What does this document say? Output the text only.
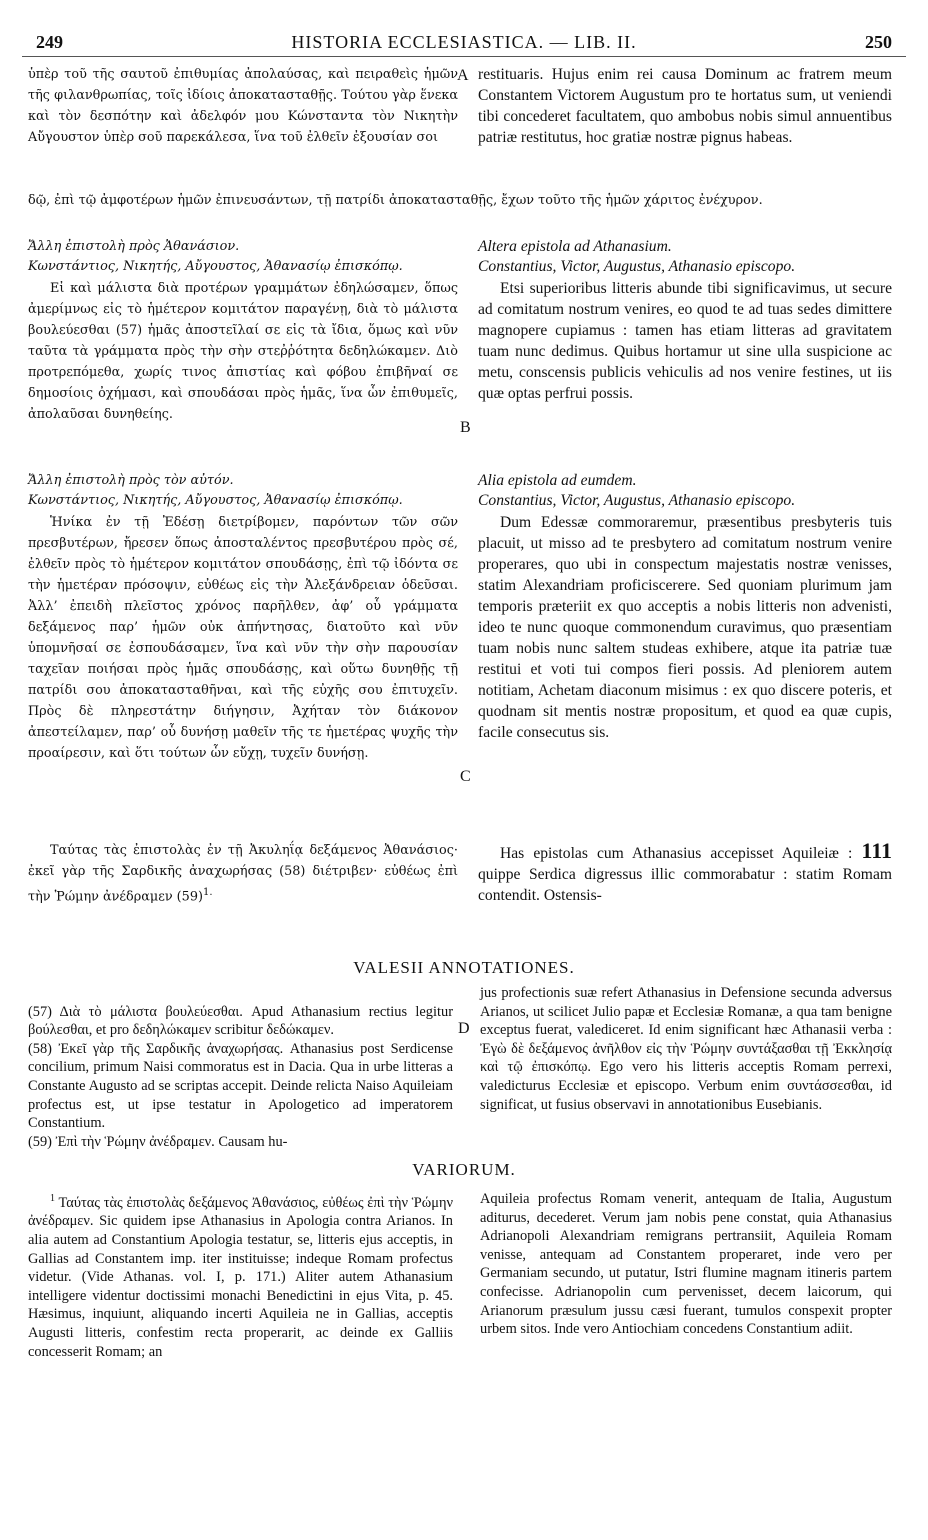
249	HISTORIA ECCLESIASTICA. — LIB. II.	250

ὑπὲρ τοῦ τῆς σαυτοῦ ἐπιθυμίας ἀπολαύσας, καὶ πειραθεὶς ἡμῶν τῆς φιλανθρωπίας, τοῖς ἰδίοις ἀποκατασταθῇς. Τούτου γὰρ ἕνεκα καὶ τὸν δεσπότην καὶ ἀδελφόν μου Κώνσταντα τὸν Νικητὴν Αὔγουστον ὑπὲρ σοῦ παρεκάλεσα, ἵνα τοῦ ἐλθεῖν ἐξουσίαν σοι

δῷ, ἐπὶ τῷ ἀμφοτέρων ἡμῶν ἐπινευσάντων, τῇ πατρίδι ἀποκατασταθῇς, ἔχων τοῦτο τῆς ἡμῶν χάριτος ἐνέχυρον.

Ἄλλη ἐπιστολὴ πρὸς Ἀθανάσιον.

Κωνστάντιος, Νικητής, Αὔγουστος, Ἀθανασίῳ ἐπισκόπῳ.

Εἰ καὶ μάλιστα διὰ προτέρων γραμμάτων ἐδηλώσαμεν, ὅπως ἀμερίμνως εἰς τὸ ἡμέτερον κομιτάτον παραγένῃ, διὰ τὸ μάλιστα βουλεύεσθαι (57) ἡμᾶς ἀποστεῖλαί σε εἰς τὰ ἴδια, ὅμως καὶ νῦν ταῦτα τὰ γράμματα πρὸς τὴν σὴν στεῤῥότητα δεδηλώκαμεν. Διὸ προτρεπόμεθα, χωρίς τινος ἀπιστίας καὶ φόβου ἐπιβῆναί σε δημοσίοις ὀχήμασι, καὶ σπουδάσαι πρὸς ἡμᾶς, ἵνα ὧν ἐπιθυμεῖς, ἀπολαῦσαι δυνηθείης.

Ἄλλη ἐπιστολὴ πρὸς τὸν αὐτόν.

Κωνστάντιος, Νικητής, Αὔγουστος, Ἀθανασίῳ ἐπισκόπῳ.

Ἡνίκα ἐν τῇ Ἐδέσῃ διετρίβομεν, παρόντων τῶν σῶν πρεσβυτέρων, ἤρεσεν ὅπως ἀποσταλέντος πρεσβυτέρου πρὸς σέ, ἐλθεῖν πρὸς τὸ ἡμέτερον κομιτάτον σπουδάσῃς, ἐπὶ τῷ ἰδόντα σε τὴν ἡμετέραν πρόσοψιν, εὐθέως εἰς τὴν Ἀλεξάνδρειαν ὁδεῦσαι. Ἀλλ’ ἐπειδὴ πλεῖστος χρόνος παρῆλθεν, ἀφ’ οὗ γράμματα δεξάμενος παρ’ ἡμῶν οὐκ ἀπήντησας, διατοῦτο καὶ νῦν ὑπομνῆσαί σε ἐσπουδάσαμεν, ἵνα καὶ νῦν τὴν σὴν παρουσίαν ταχεῖαν ποιήσαι πρὸς ἡμᾶς σπουδάσῃς, καὶ οὕτω δυνηθῇς τῇ πατρίδι σου ἀποκατασταθῆναι, καὶ τῆς εὐχῆς σου ἐπιτυχεῖν. Πρὸς δὲ πληρεστάτην διήγησιν, Ἀχήταν τὸν διάκονον ἀπεστείλαμεν, παρ’ οὗ δυνήσῃ μαθεῖν τῆς τε ἡμετέρας ψυχῆς τὴν προαίρεσιν, καὶ ὅτι τούτων ὧν εὔχῃ, τυχεῖν δυνήσῃ.

Ταύτας τὰς ἐπιστολὰς ἐν τῇ Ἀκυληΐᾳ δεξάμενος Ἀθανάσιος· ἐκεῖ γὰρ τῆς Σαρδικῆς ἀναχωρήσας (58) διέτριβεν· εὐθέως ἐπὶ τὴν Ῥώμην ἀνέδραμεν (59)$^{1.}$

A
B
C
D

restituaris. Hujus enim rei causa Dominum ac fratrem meum Constantem Victorem Augustum pro te hortatus sum, ut veniendi tibi concederet facultatem, quo ambobus nobis simul annuentibus patriæ restitutus, hoc gratiæ nostræ pignus habeas.

Altera epistola ad Athanasium.

Constantius, Victor, Augustus, Athanasio episcopo.

Etsi superioribus litteris abunde tibi significavimus, ut secure ad comitatum nostrum venires, eo quod te ad tuas sedes dimittere magnopere cupiamus : tamen has etiam litteras ad gravitatem tuam nunc dedimus. Quibus hortamur ut sine ulla suspicione ac metu, conscensis publicis vehiculis ad nos venire festines, ut iis quæ optas perfrui possis.

Alia epistola ad eumdem.

Constantius, Victor, Augustus, Athanasio episcopo.

Dum Edessæ commoraremur, præsentibus presbyteris tuis placuit, ut misso ad te presbytero ad comitatum nostrum venire properares, quo ubi in conspectum majestatis nostræ venisses, statim Alexandriam proficiscerere. Sed quoniam plurimum jam temporis præteriit ex quo acceptis a nobis litteris non advenisti, ideo te nunc quoque commonendum curavimus, quo præsentiam tuam nobis nunc saltem studeas exhibere, atque ita patriæ tuæ restitui et voti tui compos fieri possis. Ad pleniorem autem notitiam, Achetam diaconum misimus : ex quo discere poteris, et quodnam sit mentis nostræ propositum, et quod ea quæ cupis, facile consecutus sis.

Has epistolas cum Athanasius accepisset Aquileiæ : 111 quippe Serdica digressus illic commorabatur : statim Romam contendit. Ostensis-

VALESII ANNOTATIONES.

(57) Διὰ τὸ μάλιστα βουλεύεσθαι. Apud Athanasium rectius legitur βούλεσθαι, et pro δεδηλώκαμεν scribitur δεδώκαμεν.
(58) Ἐκεῖ γὰρ τῆς Σαρδικῆς ἀναχωρήσας. Athanasius post Serdicense concilium, primum Naisi commoratus est in Dacia. Qua in urbe litteras a Constante Augusto ad se scriptas accepit. Deinde relicta Naiso Aquileiam profectus est, ut ipse testatur in Apologetico ad imperatorem Constantium.
(59) Ἐπὶ τὴν Ῥώμην ἀνέδραμεν. Causam hu-

jus profectionis suæ refert Athanasius in Defensione secunda adversus Arianos, ut scilicet Julio papæ et Ecclesiæ Romanæ, a qua tam benigne exceptus fuerat, valediceret. Id enim significant hæc Athanasii verba : Ἐγὼ δὲ δεξάμενος ἀνῆλθον εἰς τὴν Ῥώμην συντάξασθαι τῇ Ἐκκλησίᾳ καὶ τῷ ἐπισκόπῳ. Ego vero his litteris acceptis Romam perrexi, valedicturus Ecclesiæ et episcopo. Verbum enim συντάσσεσθαι, id significat, ut fusius observavi in annotationibus Eusebianis.
VARIORUM.
$^1$ Ταύτας τὰς ἐπιστολὰς δεξάμενος Ἀθανάσιος, εὐθέως ἐπὶ τὴν Ῥώμην ἀνέδραμεν. Sic quidem ipse Athanasius in Apologia contra Arianos. In alia autem ad Constantium Apologia testatur, se, litteris ejus acceptis, in Gallias ad Constantem imp. iter instituisse; indeque Romam profectus videtur. (Vide Athanas. vol. I, p. 171.) Aliter autem Athanasium intelligere videntur doctissimi monachi Benedictini in ejus Vita, p. 45. Hæsimus, inquiunt, aliquando incerti Aquileia ne in Gallias, acceptis Augusti litteris, confestim recta properarit, ac deinde ex Galliis concesserit Romam; an
Aquileia profectus Romam venerit, antequam de Italia, Augustum aditurus, decederet. Verum jam nobis pene constat, quia Athanasius Adrianopoli Alexandriam remigrans pertransiit, Aquileia Romam venisse, antequam ad Constantem properaret, inde vero per Germaniam secundo, ut putatur, Istri flumine magnam itineris partem confecisse. Adrianopolin cum pervenisset, decem laicorum, qui Arianorum præsulum jussu cæsi fuerant, tumulos conspexit propter urbem sitos. Inde vero Antiochiam concedens Constantium adiit.
